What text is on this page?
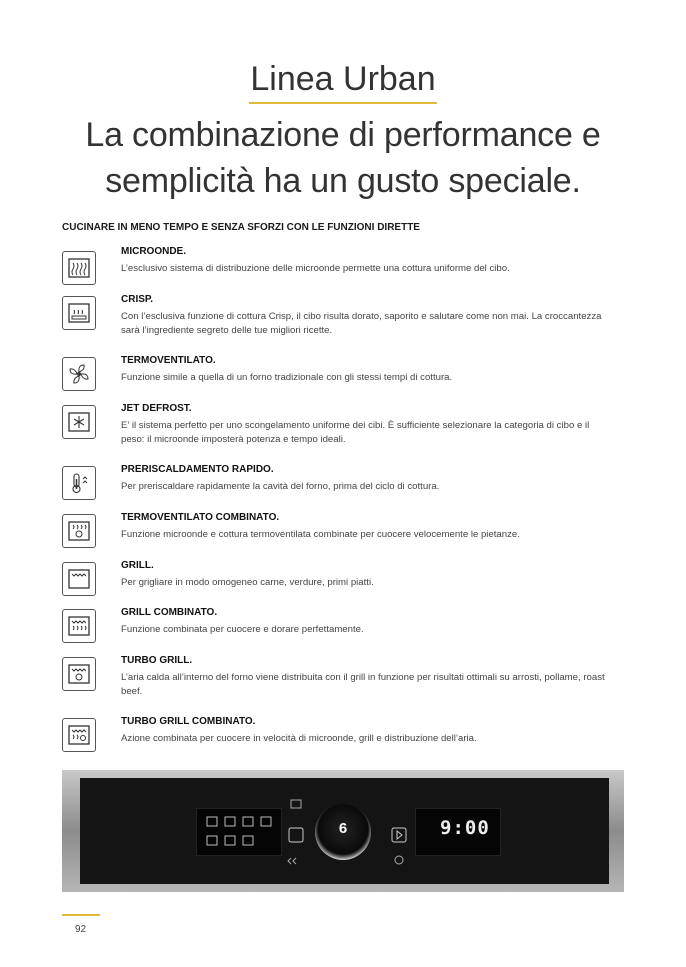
Linea Urban
La combinazione di performance e
semplicità ha un gusto speciale.
CUCINARE IN MENO TEMPO E SENZA SFORZI CON LE FUNZIONI DIRETTE
MICROONDE.
L’esclusivo sistema di distribuzione delle microonde permette una cottura uniforme del cibo.
CRISP.
Con l’esclusiva funzione di cottura Crisp, il cibo risulta dorato, saporito e salutare come non mai. La croccantezza sarà l’ingrediente segreto delle tue migliori ricette.
TERMOVENTILATO.
Funzione simile a quella di un forno tradizionale con gli stessi tempi di cottura.
JET DEFROST.
E’ il sistema perfetto per uno scongelamento uniforme dei cibi. È sufficiente selezionare la categoria di cibo e il peso: il microonde imposterà potenza e tempo ideali.
PRERISCALDAMENTO RAPIDO.
Per preriscaldare rapidamente la cavità del forno, prima del ciclo di cottura.
TERMOVENTILATO COMBINATO.
Funzione microonde e cottura termoventilata combinate per cuocere velocemente le pietanze.
GRILL.
Per grigliare in modo omogeneo carne, verdure, primi piatti.
GRILL COMBINATO.
Funzione combinata per cuocere e dorare perfettamente.
TURBO GRILL.
L’aria calda all’interno del forno viene distribuita con il grill in funzione per risultati ottimali su arrosti, pollame, roast beef.
TURBO GRILL COMBINATO.
Azione combinata per cuocere in velocità di microonde, grill e distribuzione dell’aria.
6	9:00
92
